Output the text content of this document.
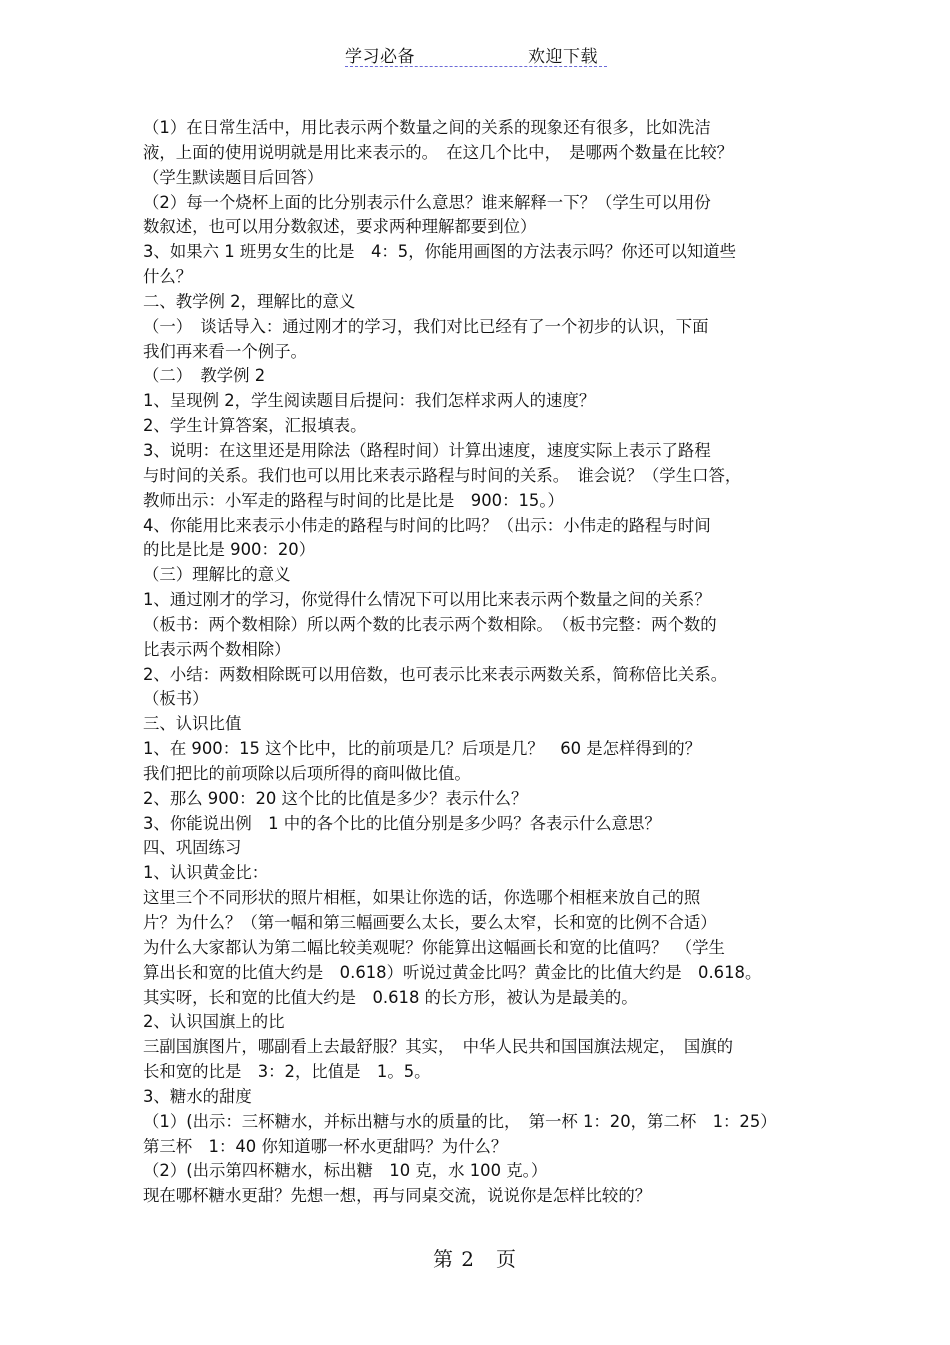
学习必备	欢迎下载
（1）在日常生活中，用比表示两个数量之间的关系的现象还有很多，比如洗洁
液，上面的使用说明就是用比来表示的。　在这几个比中，　是哪两个数量在比较？
（学生默读题目后回答）
（2）每一个烧杯上面的比分别表示什么意思？谁来解释一下？（学生可以用份
数叙述，也可以用分数叙述，要求两种理解都要到位）
3、如果六 1 班男女生的比是　4：5，你能用画图的方法表示吗？你还可以知道些
什么？
二、教学例 2，理解比的意义
（一）　谈话导入：通过刚才的学习，我们对比已经有了一个初步的认识，下面
我们再来看一个例子。
（二）　教学例 2
1、呈现例 2，学生阅读题目后提问：我们怎样求两人的速度？
2、学生计算答案，汇报填表。
3、说明：在这里还是用除法（路程时间）计算出速度，速度实际上表示了路程
与时间的关系。我们也可以用比来表示路程与时间的关系。　谁会说？（学生口答，
教师出示：小军走的路程与时间的比是比是　900：15。）
4、你能用比来表示小伟走的路程与时间的比吗？（出示：小伟走的路程与时间
的比是比是 900：20）
（三）理解比的意义
1、通过刚才的学习，你觉得什么情况下可以用比来表示两个数量之间的关系？
（板书：两个数相除）所以两个数的比表示两个数相除。　（板书完整：两个数的
比表示两个数相除）
2、小结：两数相除既可以用倍数，也可表示比来表示两数关系，简称倍比关系。
（板书）
三、认识比值
1、在 900：15 这个比中，比的前项是几？后项是几？　60 是怎样得到的？
我们把比的前项除以后项所得的商叫做比值。
2、那么 900：20 这个比的比值是多少？表示什么？
3、你能说出例　1 中的各个比的比值分别是多少吗？各表示什么意思？
四、巩固练习
1、认识黄金比：
这里三个不同形状的照片相框，如果让你选的话，你选哪个相框来放自己的照
片？为什么？（第一幅和第三幅画要么太长，要么太窄，长和宽的比例不合适）
为什么大家都认为第二幅比较美观呢？你能算出这幅画长和宽的比值吗？　（学生
算出长和宽的比值大约是　0.618）听说过黄金比吗？黄金比的比值大约是　0.618。
其实呀，长和宽的比值大约是　0.618 的长方形，被认为是最美的。
2、认识国旗上的比
三副国旗图片，哪副看上去最舒服？其实，　中华人民共和国国旗法规定，　国旗的
长和宽的比是　3：2，比值是　1。5。
3、糖水的甜度
（1）(出示：三杯糖水，并标出糖与水的质量的比，　第一杯 1：20，第二杯　1：25）
第三杯　1：40 你知道哪一杯水更甜吗？为什么？
（2）(出示第四杯糖水，标出糖　10 克，水 100 克。）
现在哪杯糖水更甜？先想一想，再与同桌交流，说说你是怎样比较的？
第 2　页
